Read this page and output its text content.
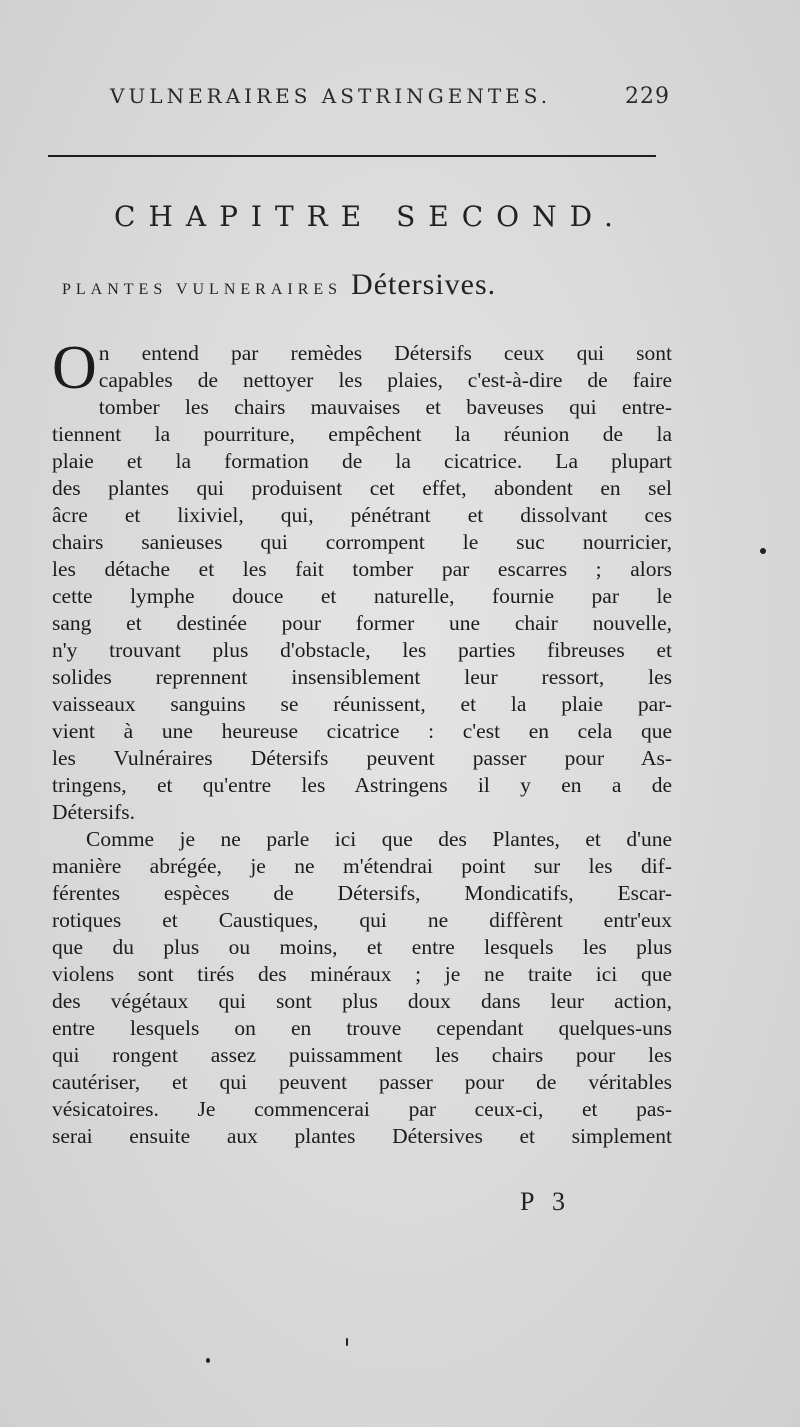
VULNERAIRES ASTRINGENTES.	229
CHAPITRE SECOND.
PLANTES VULNERAIRES Détersives.
O n entend par remèdes Détersifs ceux qui sont
capables de nettoyer les plaies, c'est-à-dire de faire
tomber les chairs mauvaises et baveuses qui entre-
tiennent la pourriture, empêchent la réunion de la
plaie et la formation de la cicatrice. La plupart
des plantes qui produisent cet effet, abondent en sel
âcre et lixiviel, qui, pénétrant et dissolvant ces
chairs sanieuses qui corrompent le suc nourricier,
les détache et les fait tomber par escarres ; alors
cette lymphe douce et naturelle, fournie par le
sang et destinée pour former une chair nouvelle,
n'y trouvant plus d'obstacle, les parties fibreuses et
solides reprennent insensiblement leur ressort, les
vaisseaux sanguins se réunissent, et la plaie par-
vient à une heureuse cicatrice : c'est en cela que
les Vulnéraires Détersifs peuvent passer pour As-
tringens, et qu'entre les Astringens il y en a de
Détersifs.
Comme je ne parle ici que des Plantes, et d'une
manière abrégée, je ne m'étendrai point sur les dif-
férentes espèces de Détersifs, Mondicatifs, Escar-
rotiques et Caustiques, qui ne diffèrent entr'eux
que du plus ou moins, et entre lesquels les plus
violens sont tirés des minéraux ; je ne traite ici que
des végétaux qui sont plus doux dans leur action,
entre lesquels on en trouve cependant quelques-uns
qui rongent assez puissamment les chairs pour les
cautériser, et qui peuvent passer pour de véritables
vésicatoires. Je commencerai par ceux-ci, et pas-
serai ensuite aux plantes Détersives et simplement
P 3
